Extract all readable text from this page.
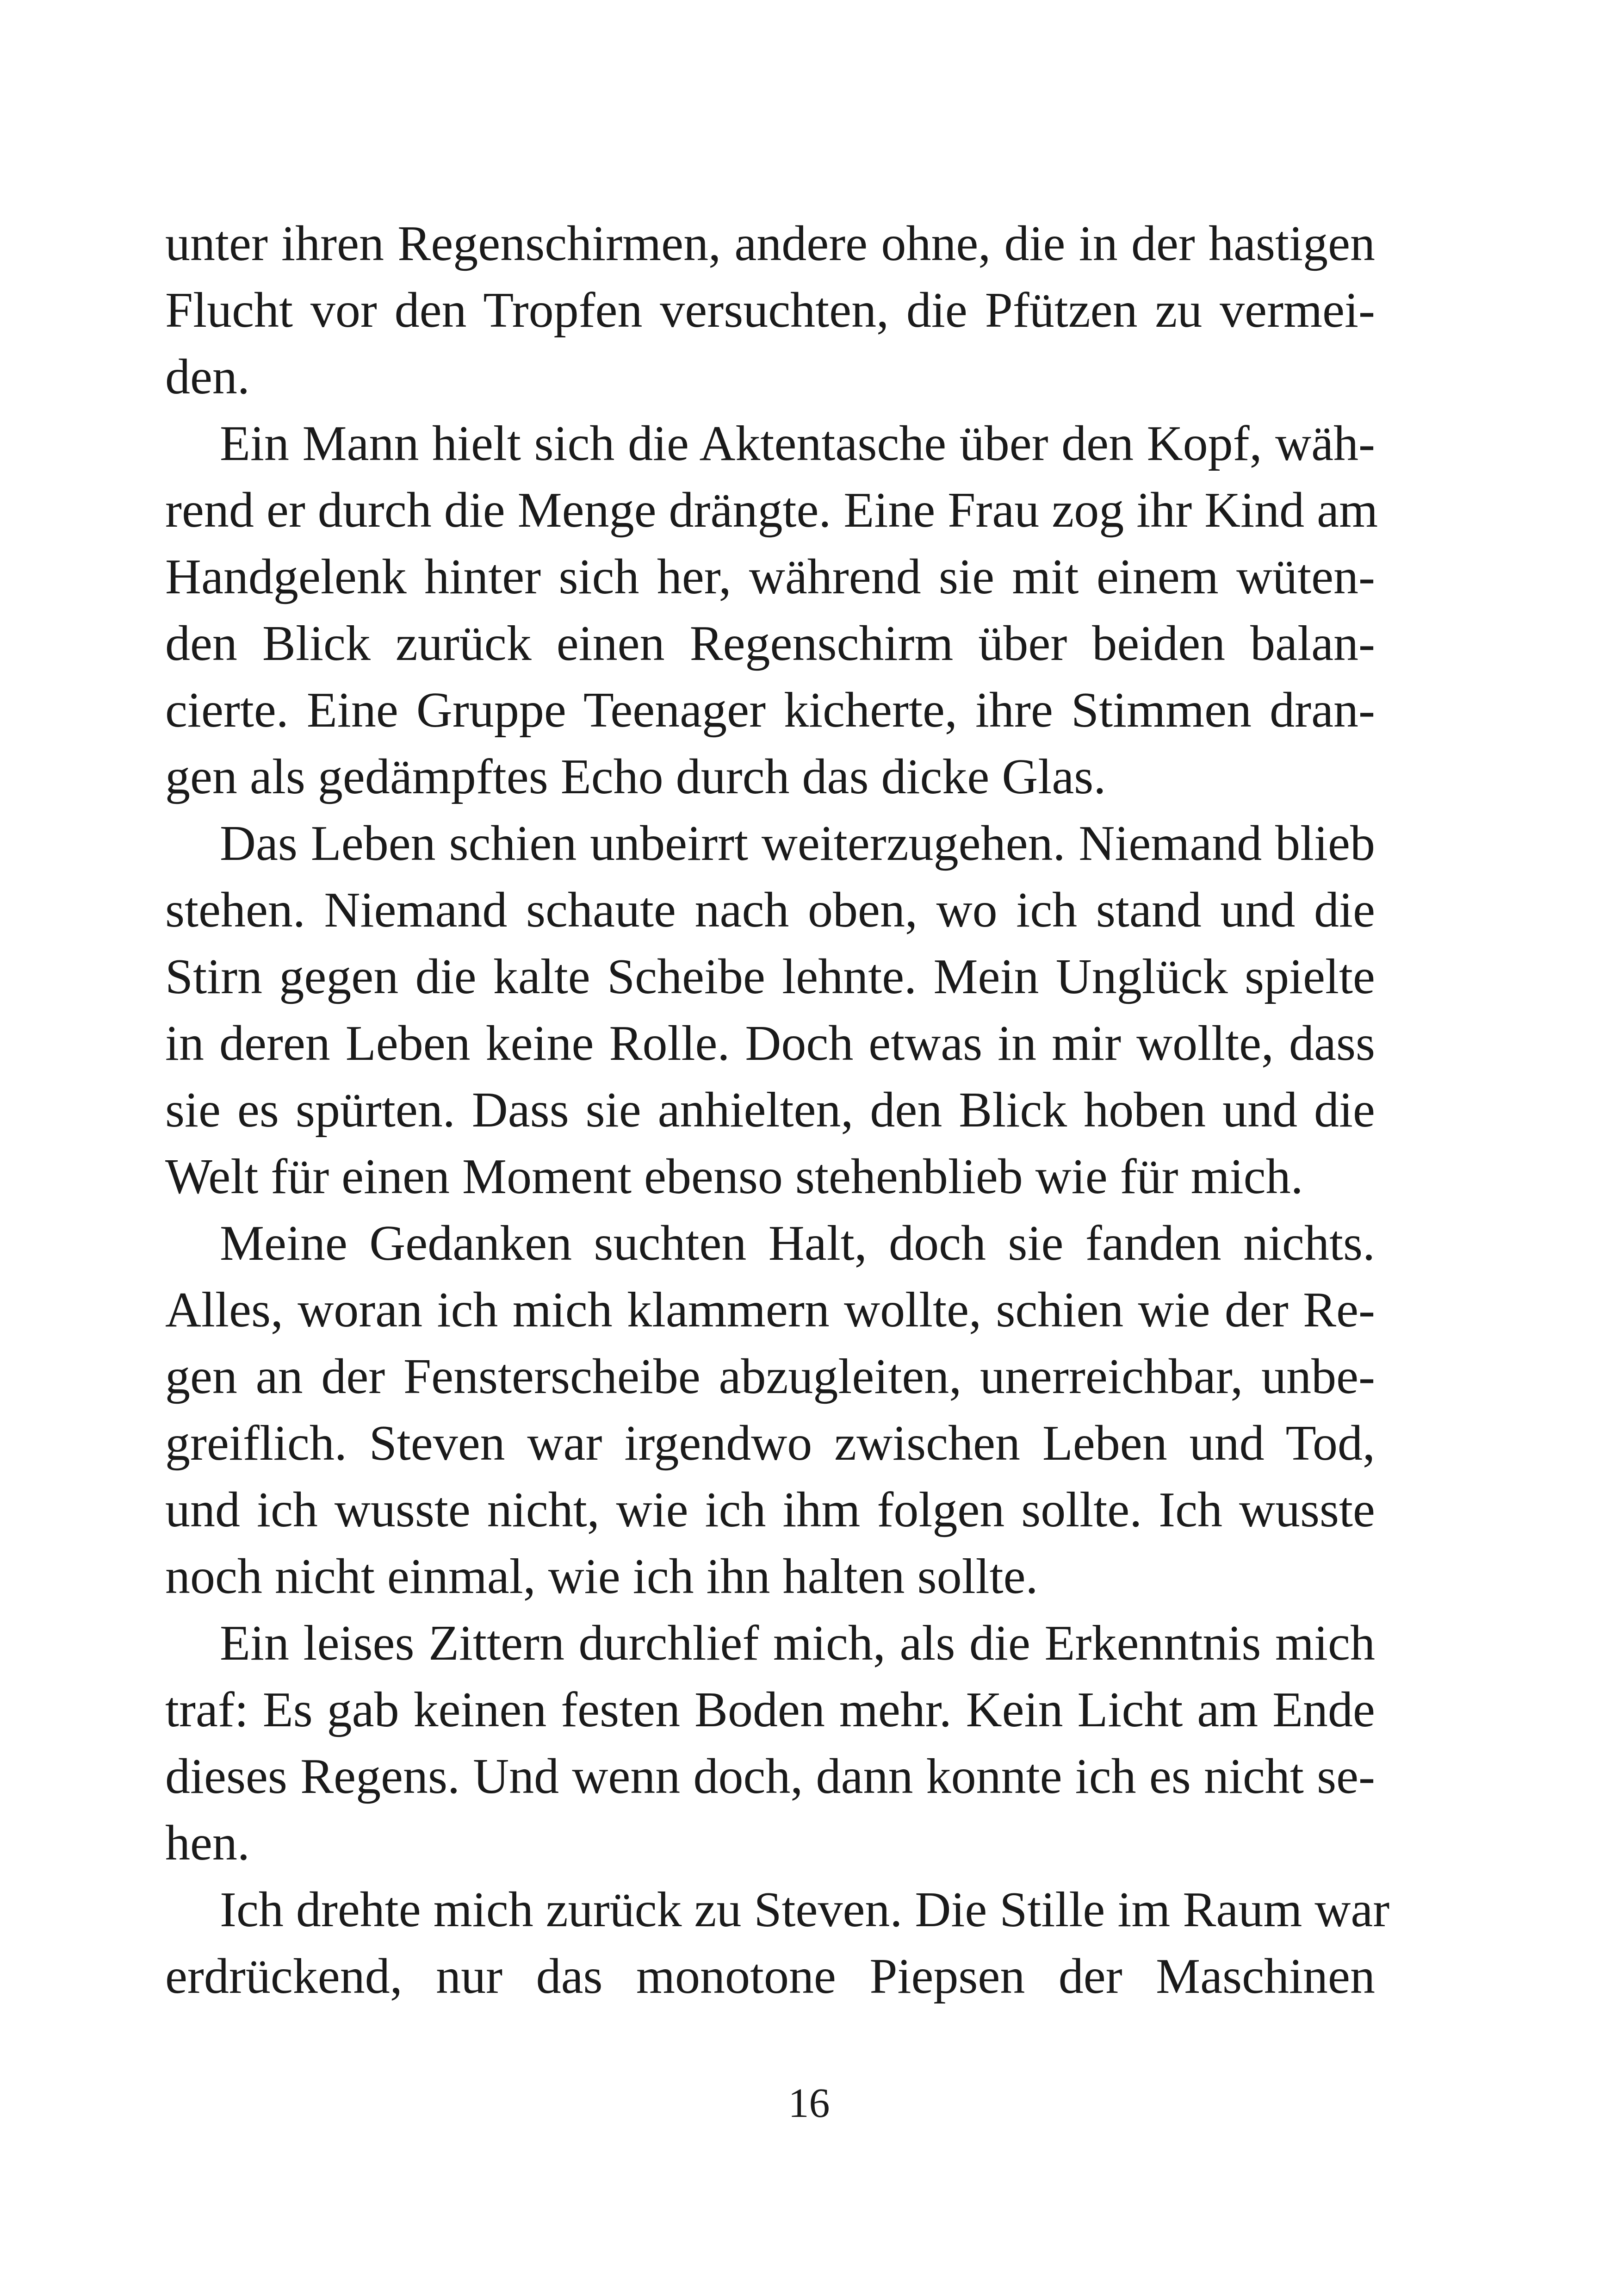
unter ihren Regenschirmen, andere ohne, die in der hastigen
Flucht vor den Tropfen versuchten, die Pfützen zu vermei-
den.
Ein Mann hielt sich die Aktentasche über den Kopf, wäh-
rend er durch die Menge drängte. Eine Frau zog ihr Kind am
Handgelenk hinter sich her, während sie mit einem wüten-
den Blick zurück einen Regenschirm über beiden balan-
cierte. Eine Gruppe Teenager kicherte, ihre Stimmen dran-
gen als gedämpftes Echo durch das dicke Glas.
Das Leben schien unbeirrt weiterzugehen. Niemand blieb
stehen. Niemand schaute nach oben, wo ich stand und die
Stirn gegen die kalte Scheibe lehnte. Mein Unglück spielte
in deren Leben keine Rolle. Doch etwas in mir wollte, dass
sie es spürten. Dass sie anhielten, den Blick hoben und die
Welt für einen Moment ebenso stehenblieb wie für mich.
Meine Gedanken suchten Halt, doch sie fanden nichts.
Alles, woran ich mich klammern wollte, schien wie der Re-
gen an der Fensterscheibe abzugleiten, unerreichbar, unbe-
greiflich. Steven war irgendwo zwischen Leben und Tod,
und ich wusste nicht, wie ich ihm folgen sollte. Ich wusste
noch nicht einmal, wie ich ihn halten sollte.
Ein leises Zittern durchlief mich, als die Erkenntnis mich
traf: Es gab keinen festen Boden mehr. Kein Licht am Ende
dieses Regens. Und wenn doch, dann konnte ich es nicht se-
hen.
Ich drehte mich zurück zu Steven. Die Stille im Raum war
erdrückend, nur das monotone Piepsen der Maschinen
16
